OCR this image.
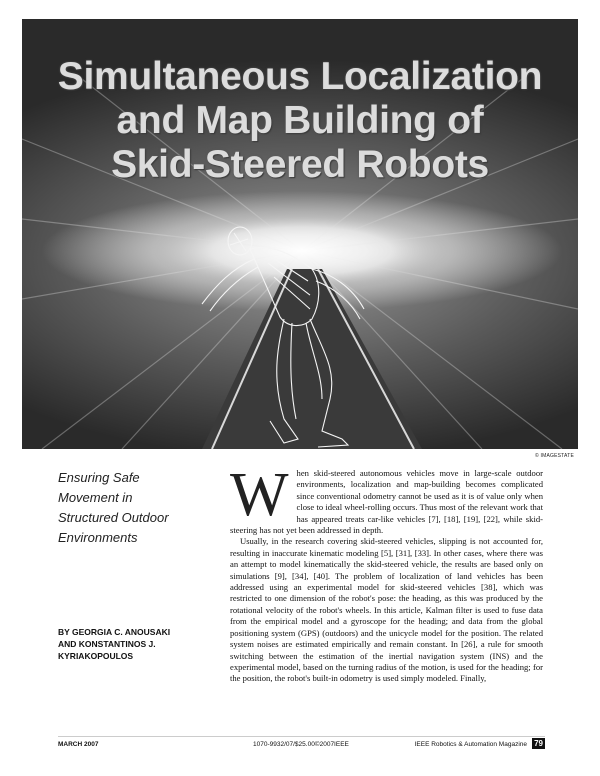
Simultaneous Localization
and Map Building of
Skid-Steered Robots
© IMAGESTATE
Ensuring Safe
Movement in
Structured Outdoor
Environments
BY GEORGIA C. ANOUSAKI
AND KONSTANTINOS J.
KYRIAKOPOULOS

When skid-steered autonomous vehicles move in large-scale outdoor environments, localization and map-building becomes complicated since conventional odometry cannot be used as it is of value only when close to ideal wheel-rolling occurs. Thus most of the relevant work that has appeared treats car-like vehicles [7], [18], [19], [22], while skid-steering has not yet been addressed in depth.

Usually, in the research covering skid-steered vehicles, slipping is not accounted for, resulting in inaccurate kinematic modeling [5], [31], [33]. In other cases, where there was an attempt to model kinematically the skid-steered vehicle, the results are based only on simulations [9], [34], [40]. The problem of localization of land vehicles has been addressed using an experimental model for skid-steered vehicles [38], which was restricted to one dimension of the robot's pose: the heading, as this was produced by the rotational velocity of the robot's wheels. In this article, Kalman filter is used to fuse data from the empirical model and a gyroscope for the heading; and data from the global positioning system (GPS) (outdoors) and the unicycle model for the position. The related system noises are estimated empirically and remain constant. In [26], a rule for smooth switching between the estimation of the inertial navigation system (INS) and the experimental model, based on the turning radius of the motion, is used for the heading; for the position, the robot's built-in odometry is used simply modeled. Finally,

MARCH 2007	1070-9932/07/$25.00©2007IEEE	IEEE Robotics & Automation Magazine 79
